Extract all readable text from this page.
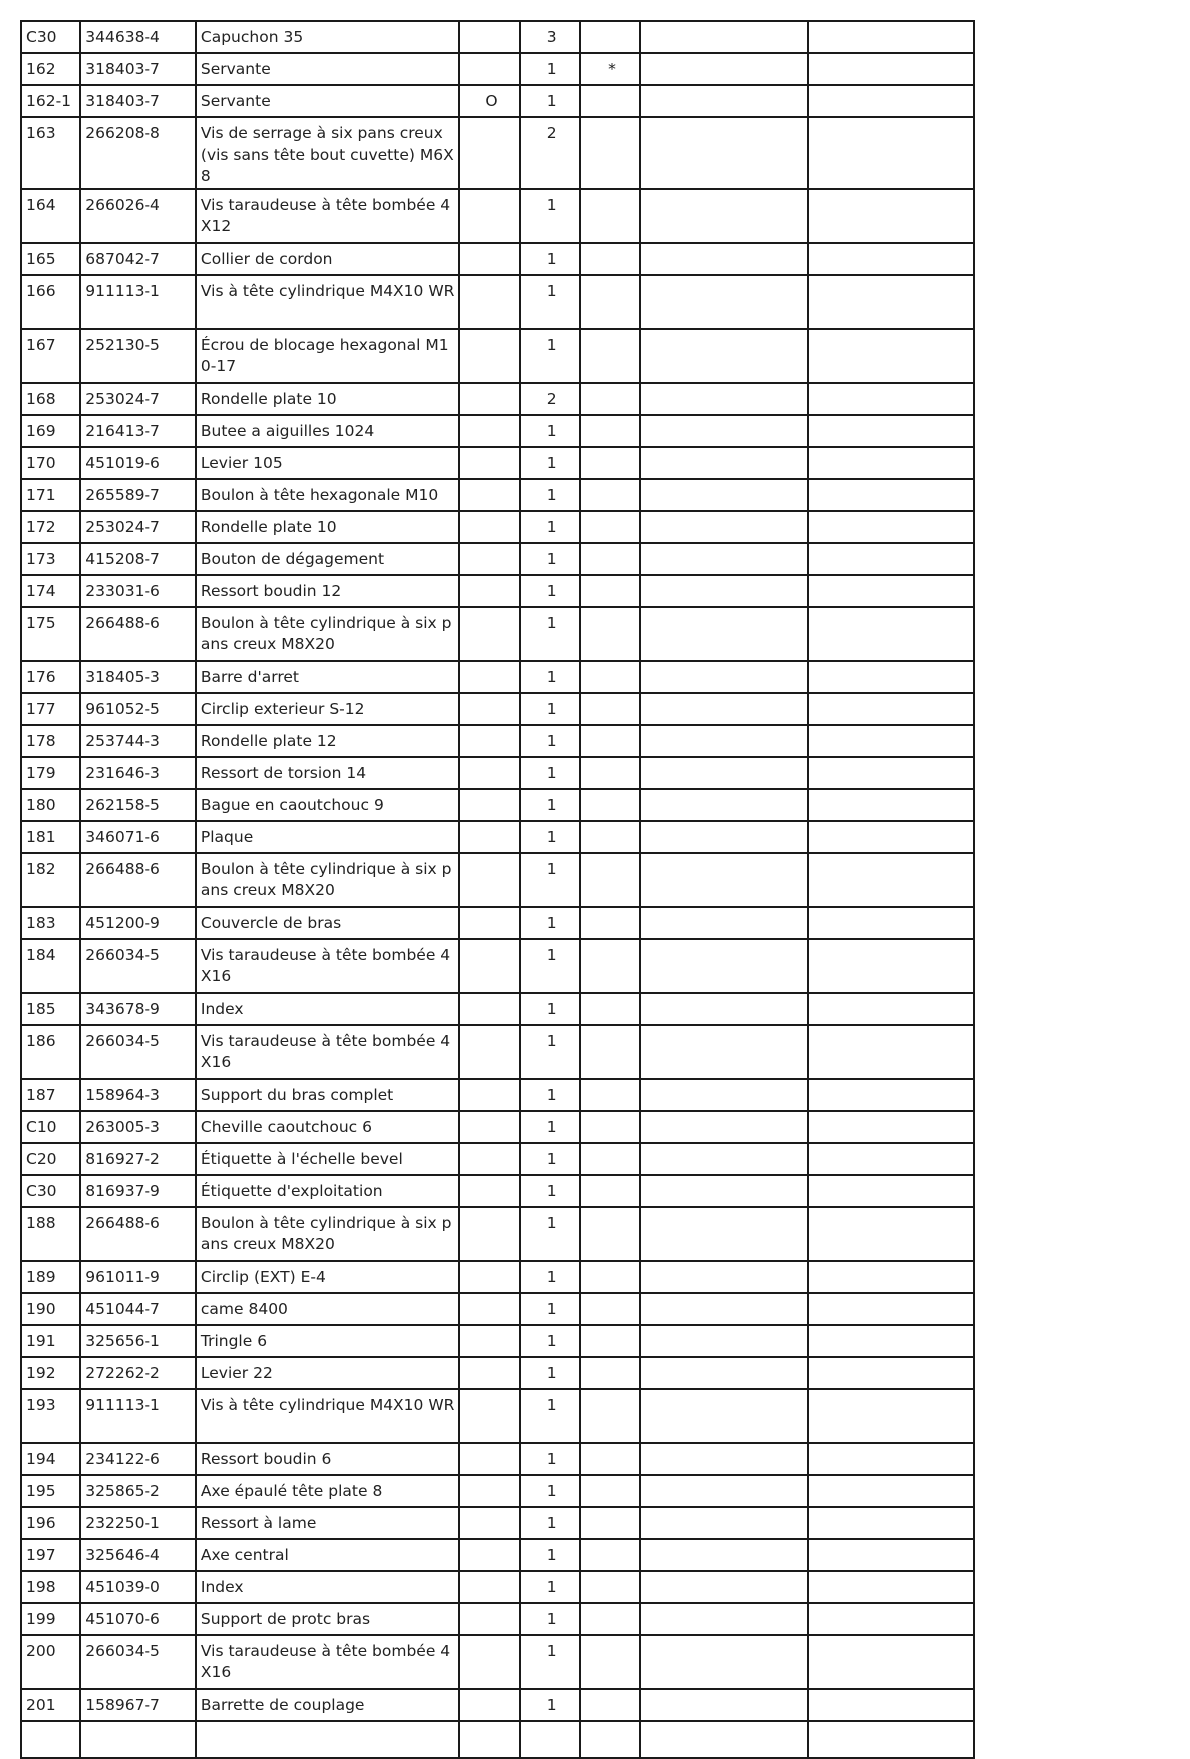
C30	344638-4	Capuchon 35		3			
162	318403-7	Servante		1	*		
162-1	318403-7	Servante	O	1			
163	266208-8	Vis de serrage à six pans creux (vis sans tête bout cuvette) M6X8		2			
164	266026-4	Vis taraudeuse à tête bombée 4X12		1			
165	687042-7	Collier de cordon		1			
166	911113-1	Vis à tête cylindrique M4X10 WR		1			
167	252130-5	Écrou de blocage hexagonal M10-17		1			
168	253024-7	Rondelle plate 10		2			
169	216413-7	Butee a aiguilles 1024		1			
170	451019-6	Levier 105		1			
171	265589-7	Boulon à tête hexagonale M10		1			
172	253024-7	Rondelle plate 10		1			
173	415208-7	Bouton de dégagement		1			
174	233031-6	Ressort boudin 12		1			
175	266488-6	Boulon à tête cylindrique à six pans creux M8X20		1			
176	318405-3	Barre d'arret		1			
177	961052-5	Circlip exterieur S-12		1			
178	253744-3	Rondelle plate 12		1			
179	231646-3	Ressort de torsion 14		1			
180	262158-5	Bague en caoutchouc 9		1			
181	346071-6	Plaque		1			
182	266488-6	Boulon à tête cylindrique à six pans creux M8X20		1			
183	451200-9	Couvercle de bras		1			
184	266034-5	Vis taraudeuse à tête bombée 4X16		1			
185	343678-9	Index		1			
186	266034-5	Vis taraudeuse à tête bombée 4X16		1			
187	158964-3	Support du bras complet		1			
C10	263005-3	Cheville caoutchouc 6		1			
C20	816927-2	Étiquette à l'échelle bevel		1			
C30	816937-9	Étiquette d'exploitation		1			
188	266488-6	Boulon à tête cylindrique à six pans creux M8X20		1			
189	961011-9	Circlip (EXT) E-4		1			
190	451044-7	came 8400		1			
191	325656-1	Tringle 6		1			
192	272262-2	Levier 22		1			
193	911113-1	Vis à tête cylindrique M4X10 WR		1			
194	234122-6	Ressort boudin 6		1			
195	325865-2	Axe épaulé tête plate 8		1			
196	232250-1	Ressort à lame		1			
197	325646-4	Axe central		1			
198	451039-0	Index		1			
199	451070-6	Support de protc bras		1			
200	266034-5	Vis taraudeuse à tête bombée 4X16		1			
201	158967-7	Barrette de couplage		1			
